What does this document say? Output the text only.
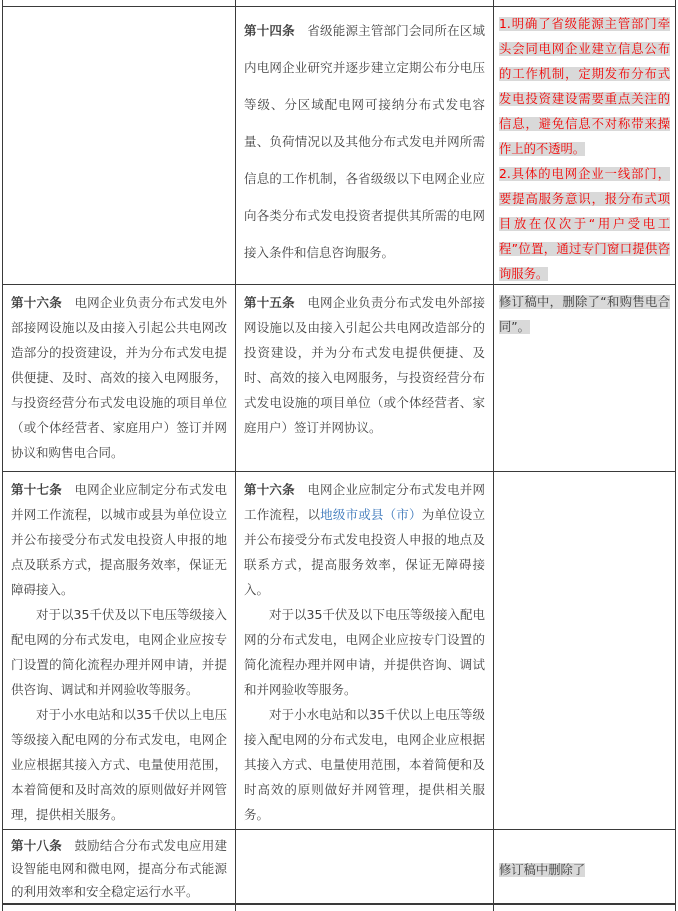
第十四条 省级能源主管部门会同所在区域内电网企业研究并逐步建立定期公布分电压等级、分区域配电网可接纳分布式发电容量、负荷情况以及其他分布式发电并网所需信息的工作机制，各省级级以下电网企业应向各类分布式发电投资者提供其所需的电网接入条件和信息咨询服务。

1.明确了省级能源主管部门牵头会同电网企业建立信息公布的工作机制，定期发布分布式发电投资建设需要重点关注的信息，避免信息不对称带来操作上的不透明。

2.具体的电网企业一线部门，要提高服务意识，报分布式项目放在仅次于“用户受电工程”位置，通过专门窗口提供咨询服务。

第十六条 电网企业负责分布式发电外部接网设施以及由接入引起公共电网改造部分的投资建设，并为分布式发电提供便捷、及时、高效的接入电网服务，与投资经营分布式发电设施的项目单位（或个体经营者、家庭用户）签订并网协议和购售电合同。

第十五条 电网企业负责分布式发电外部接网设施以及由接入引起公共电网改造部分的投资建设，并为分布式发电提供便捷、及时、高效的接入电网服务，与投资经营分布式发电设施的项目单位（或个体经营者、家庭用户）签订并网协议。

修订稿中，删除了“和购售电合同”。

第十七条 电网企业应制定分布式发电并网工作流程，以城市或县为单位设立并公布接受分布式发电投资人申报的地点及联系方式，提高服务效率，保证无障碍接入。

对于以35千伏及以下电压等级接入配电网的分布式发电，电网企业应按专门设置的简化流程办理并网申请，并提供咨询、调试和并网验收等服务。

对于小水电站和以35千伏以上电压等级接入配电网的分布式发电，电网企业应根据其接入方式、电量使用范围，本着简便和及时高效的原则做好并网管理，提供相关服务。

第十六条 电网企业应制定分布式发电并网工作流程，以地级市或县（市）为单位设立并公布接受分布式发电投资人申报的地点及联系方式，提高服务效率，保证无障碍接入。

对于以35千伏及以下电压等级接入配电网的分布式发电，电网企业应按专门设置的简化流程办理并网申请，并提供咨询、调试和并网验收等服务。

对于小水电站和以35千伏以上电压等级接入配电网的分布式发电，电网企业应根据其接入方式、电量使用范围，本着简便和及时高效的原则做好并网管理，提供相关服务。

第十八条 鼓励结合分布式发电应用建设智能电网和微电网，提高分布式能源的利用效率和安全稳定运行水平。

修订稿中删除了
